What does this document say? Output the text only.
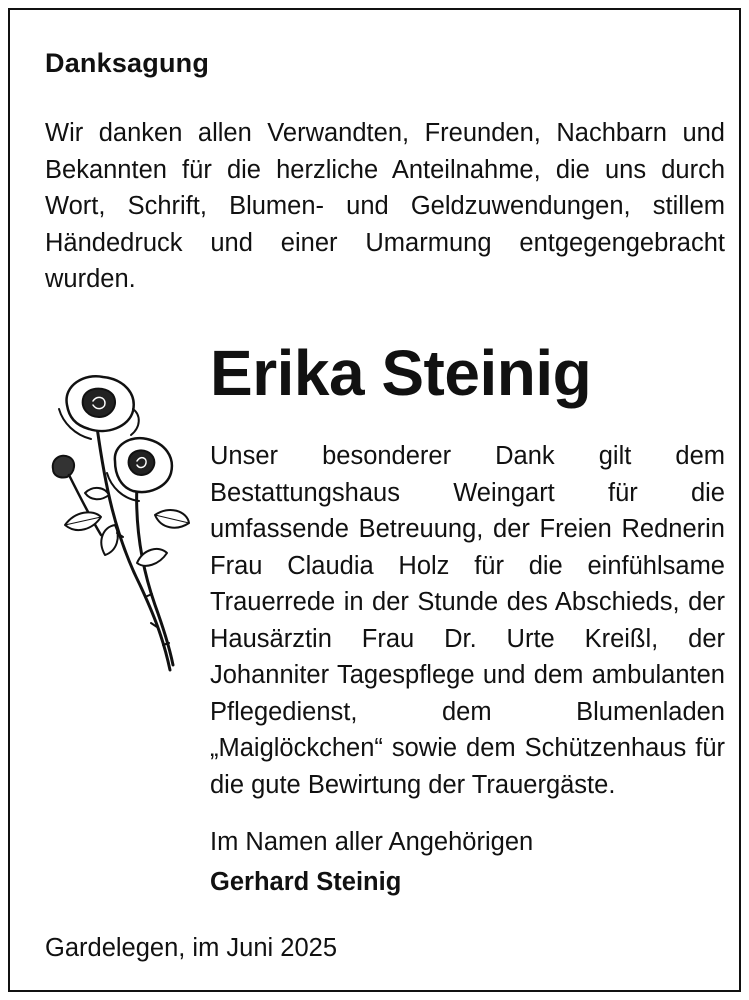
Danksagung

Wir danken allen Verwandten, Freunden, Nachbarn und Bekannten für die herzliche Anteilnahme, die uns durch Wort, Schrift, Blumen- und Geldzuwendungen, stillem Händedruck und einer Umarmung entgegengebracht wurden.

Erika Steinig

Unser besonderer Dank gilt dem Bestattungshaus Weingart für die umfassende Betreuung, der Freien Rednerin Frau Claudia Holz für die einfühlsame Trauerrede in der Stunde des Abschieds, der Hausärztin Frau Dr. Urte Kreißl, der Johanniter Tagespflege und dem ambulanten Pflegedienst, dem Blumenladen „Maiglöckchen“ sowie dem Schützenhaus für die gute Bewirtung der Trauergäste.

Im Namen aller Angehörigen

Gerhard Steinig

Gardelegen, im Juni 2025
